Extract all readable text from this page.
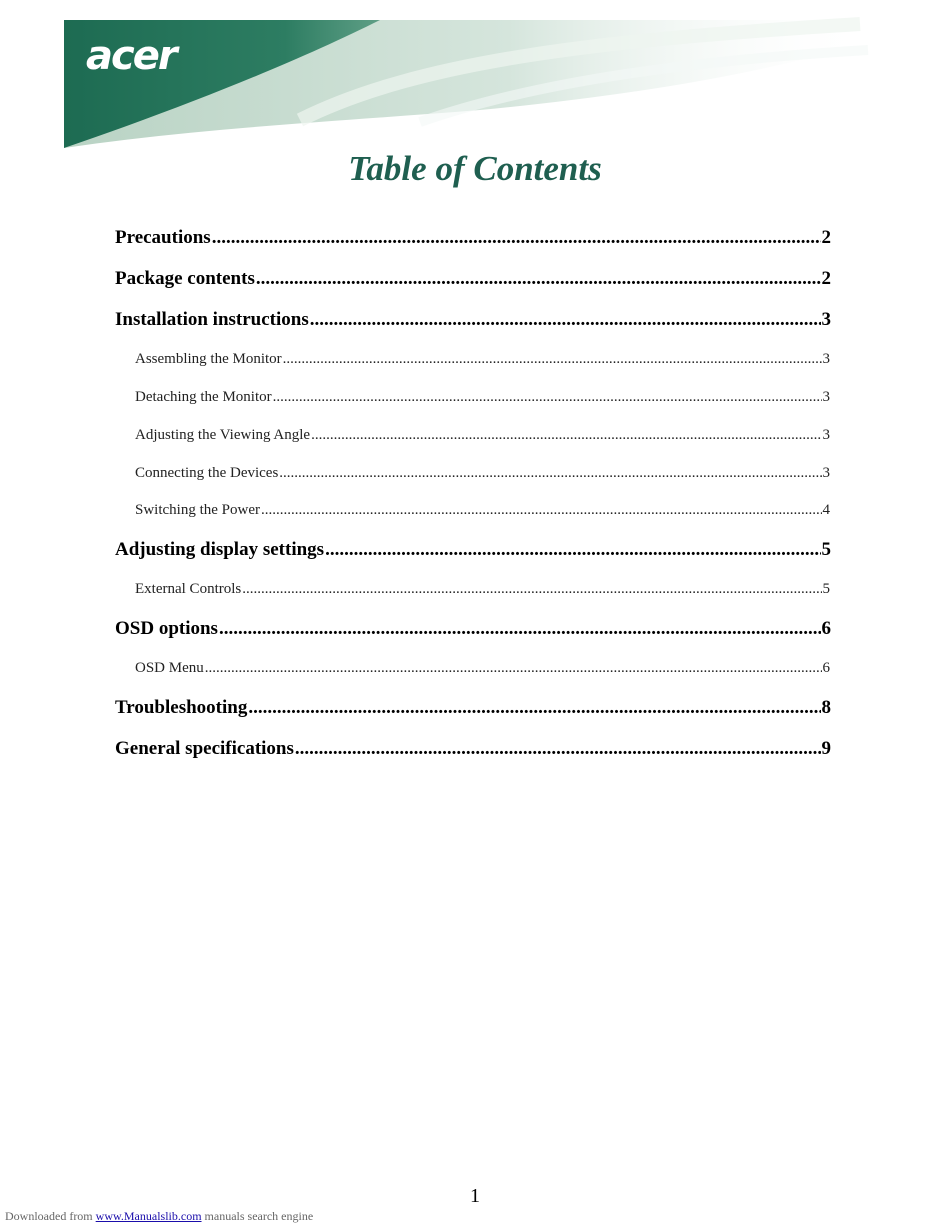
acer
Table of Contents
Precautions .....	2
Package contents .....	2
Installation instructions .....	3
Assembling the Monitor .....	3
Detaching the Monitor .....	3
Adjusting the Viewing Angle .....	3
Connecting the Devices .....	3
Switching the Power .....	4
Adjusting display settings .....	5
External Controls .....	5
OSD options .....	6
OSD Menu .....	6
Troubleshooting .....	8
General specifications .....	9
1
Downloaded from www.Manualslib.com manuals search engine
